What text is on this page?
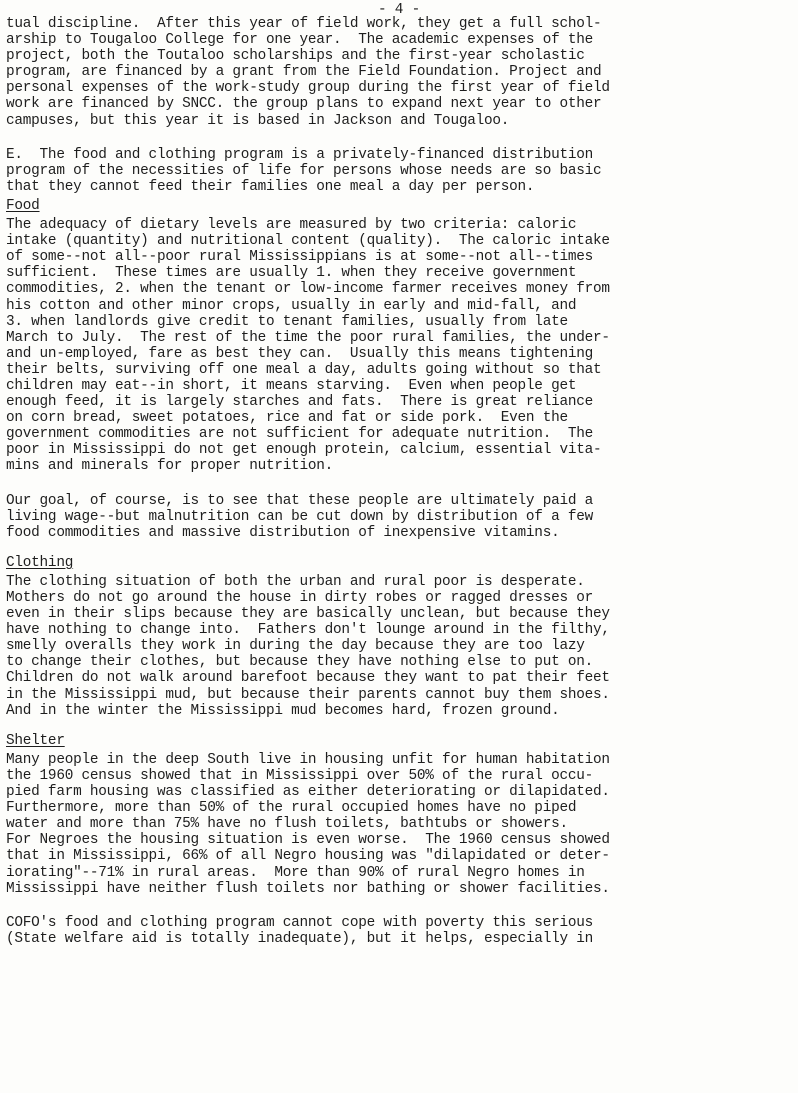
- 4 -

tual discipline.  After this year of field work, they get a full schol-

arship to Tougaloo College for one year.  The academic expenses of the

project, both the Toutaloo scholarships and the first-year scholastic

program, are financed by a grant from the Field Foundation. Project and

personal expenses of the work-study group during the first year of field

work are financed by SNCC. the group plans to expand next year to other

campuses, but this year it is based in Jackson and Tougaloo.

E.  The food and clothing program is a privately-financed distribution

program of the necessities of life for persons whose needs are so basic

that they cannot feed their families one meal a day per person.

Food

The adequacy of dietary levels are measured by two criteria: caloric

intake (quantity) and nutritional content (quality).  The caloric intake

of some--not all--poor rural Mississippians is at some--not all--times

sufficient.  These times are usually 1. when they receive government

commodities, 2. when the tenant or low-income farmer receives money from

his cotton and other minor crops, usually in early and mid-fall, and

3. when landlords give credit to tenant families, usually from late

March to July.  The rest of the time the poor rural families, the under-

and un-employed, fare as best they can.  Usually this means tightening

their belts, surviving off one meal a day, adults going without so that

children may eat--in short, it means starving.  Even when people get

enough feed, it is largely starches and fats.  There is great reliance

on corn bread, sweet potatoes, rice and fat or side pork.  Even the

government commodities are not sufficient for adequate nutrition.  The

poor in Mississippi do not get enough protein, calcium, essential vita-

mins and minerals for proper nutrition.

Our goal, of course, is to see that these people are ultimately paid a

living wage--but malnutrition can be cut down by distribution of a few

food commodities and massive distribution of inexpensive vitamins.

Clothing

The clothing situation of both the urban and rural poor is desperate.

Mothers do not go around the house in dirty robes or ragged dresses or

even in their slips because they are basically unclean, but because they

have nothing to change into.  Fathers don't lounge around in the filthy,

smelly overalls they work in during the day because they are too lazy

to change their clothes, but because they have nothing else to put on.

Children do not walk around barefoot because they want to pat their feet

in the Mississippi mud, but because their parents cannot buy them shoes.

And in the winter the Mississippi mud becomes hard, frozen ground.

Shelter

Many people in the deep South live in housing unfit for human habitation

the 1960 census showed that in Mississippi over 50% of the rural occu-

pied farm housing was classified as either deteriorating or dilapidated.

Furthermore, more than 50% of the rural occupied homes have no piped

water and more than 75% have no flush toilets, bathtubs or showers.

For Negroes the housing situation is even worse.  The 1960 census showed

that in Mississippi, 66% of all Negro housing was "dilapidated or deter-

iorating"--71% in rural areas.  More than 90% of rural Negro homes in

Mississippi have neither flush toilets nor bathing or shower facilities.

COFO's food and clothing program cannot cope with poverty this serious

(State welfare aid is totally inadequate), but it helps, especially in
